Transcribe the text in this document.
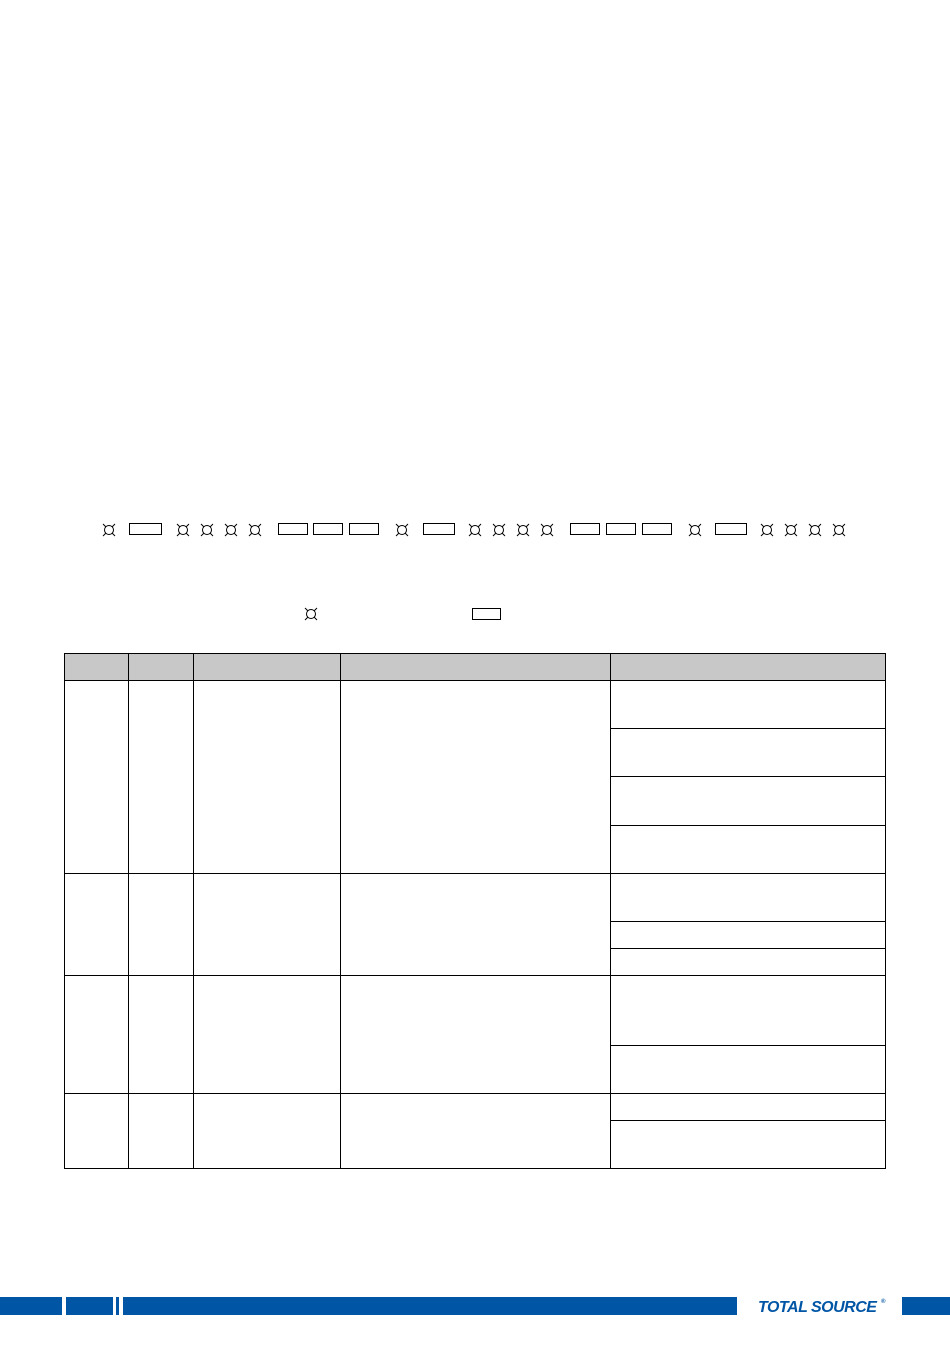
TOTAL SOURCE ®
